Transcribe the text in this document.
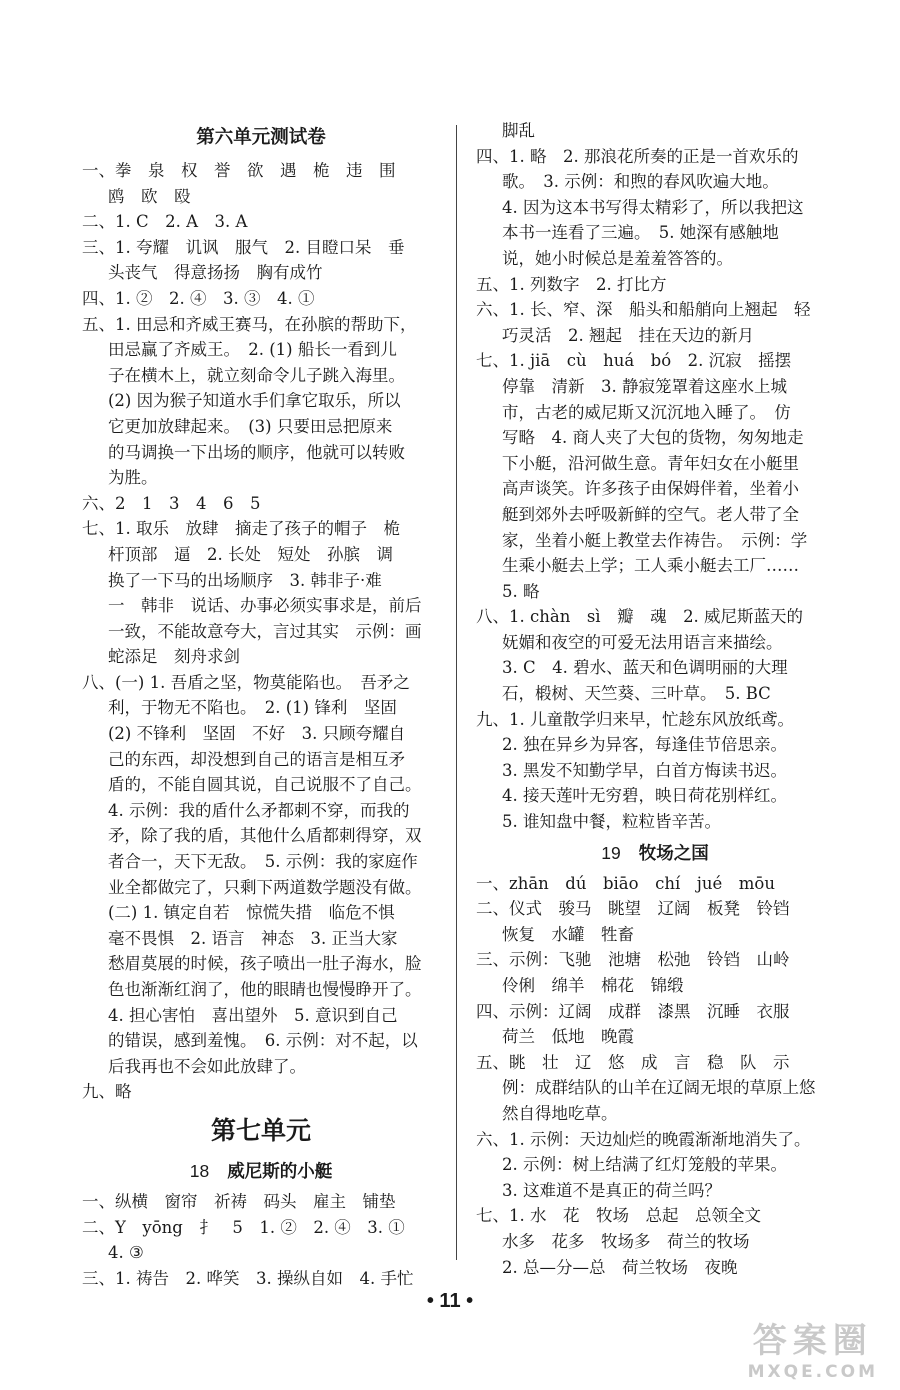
第六单元测试卷
一、拳　泉　权　誉　欲　遇　桅　违　围
鸥　欧　殴
二、1. C　2. A　3. A
三、1. 夸耀　讥讽　服气　2. 目瞪口呆　垂
头丧气　得意扬扬　胸有成竹
四、1. ②　2. ④　3. ③　4. ①
五、1. 田忌和齐威王赛马，在孙膑的帮助下，
田忌赢了齐威王。　2. (1) 船长一看到儿
子在横木上，就立刻命令儿子跳入海里。
(2) 因为猴子知道水手们拿它取乐，所以
它更加放肆起来。　(3) 只要田忌把原来
的马调换一下出场的顺序，他就可以转败
为胜。
六、2　1　3　4　6　5
七、1. 取乐　放肆　摘走了孩子的帽子　桅
杆顶部　逼　2. 长处　短处　孙膑　调
换了一下马的出场顺序　3. 韩非子·难
一　韩非　说话、办事必须实事求是，前后
一致，不能故意夸大，言过其实　示例：画
蛇添足　刻舟求剑
八、(一) 1. 吾盾之坚，物莫能陷也。　吾矛之
利，于物无不陷也。　2. (1) 锋利　坚固
(2) 不锋利　坚固　不好　3. 只顾夸耀自
己的东西，却没想到自己的语言是相互矛
盾的，不能自圆其说，自己说服不了自己。
4. 示例：我的盾什么矛都刺不穿，而我的
矛，除了我的盾，其他什么盾都刺得穿，双
者合一，天下无敌。　5. 示例：我的家庭作
业全都做完了，只剩下两道数学题没有做。
(二) 1. 镇定自若　惊慌失措　临危不惧
毫不畏惧　2. 语言　神态　3. 正当大家
愁眉莫展的时候，孩子喷出一肚子海水，脸
色也渐渐红润了，他的眼睛也慢慢睁开了。
4. 担心害怕　喜出望外　5. 意识到自己
的错误，感到羞愧。　6. 示例：对不起，以
后我再也不会如此放肆了。
九、略
第七单元
18 威尼斯的小艇
一、纵横　窗帘　祈祷　码头　雇主　铺垫
二、Y　yōng　扌　5　1. ②　2. ④　3. ①
4. ③
三、1. 祷告　2. 哗笑　3. 操纵自如　4. 手忙
脚乱
四、1. 略　2. 那浪花所奏的正是一首欢乐的
歌。　3. 示例：和煦的春风吹遍大地。
4. 因为这本书写得太精彩了，所以我把这
本书一连看了三遍。　5. 她深有感触地
说，她小时候总是羞羞答答的。
五、1. 列数字　2. 打比方
六、1. 长、窄、深　船头和船艄向上翘起　轻
巧灵活　2. 翘起　挂在天边的新月
七、1. jiā　cù　huá　bó　2. 沉寂　摇摆
停靠　清新　3. 静寂笼罩着这座水上城
市，古老的威尼斯又沉沉地入睡了。　仿
写略　4. 商人夹了大包的货物，匆匆地走
下小艇，沿河做生意。青年妇女在小艇里
高声谈笑。许多孩子由保姆伴着，坐着小
艇到郊外去呼吸新鲜的空气。老人带了全
家，坐着小艇上教堂去作祷告。　示例：学
生乘小艇去上学；工人乘小艇去工厂……
5. 略
八、1. chàn　sì　瓣　魂　2. 威尼斯蓝天的
妩媚和夜空的可爱无法用语言来描绘。
3. C　4. 碧水、蓝天和色调明丽的大理
石，椴树、天竺葵、三叶草。　5. BC
九、1. 儿童散学归来早，忙趁东风放纸鸢。
2. 独在异乡为异客，每逢佳节倍思亲。
3. 黑发不知勤学早，白首方悔读书迟。
4. 接天莲叶无穷碧，映日荷花别样红。
5. 谁知盘中餐，粒粒皆辛苦。
19 牧场之国
一、zhān　dú　biāo　chí　jué　mōu
二、仪式　骏马　眺望　辽阔　板凳　铃铛
恢复　水罐　牲畜
三、示例：飞驰　池塘　松弛　铃铛　山岭
伶俐　绵羊　棉花　锦缎
四、示例：辽阔　成群　漆黑　沉睡　衣服
荷兰　低地　晚霞
五、眺　壮　辽　悠　成　言　稳　队　示
例：成群结队的山羊在辽阔无垠的草原上悠
然自得地吃草。
六、1. 示例：天边灿烂的晚霞渐渐地消失了。
2. 示例：树上结满了红灯笼般的苹果。
3. 这难道不是真正的荷兰吗？
七、1. 水　花　牧场　总起　总领全文
水多　花多　牧场多　荷兰的牧场
2. 总—分—总　荷兰牧场　夜晚
• 11 •
答案圈
MXQE.COM
